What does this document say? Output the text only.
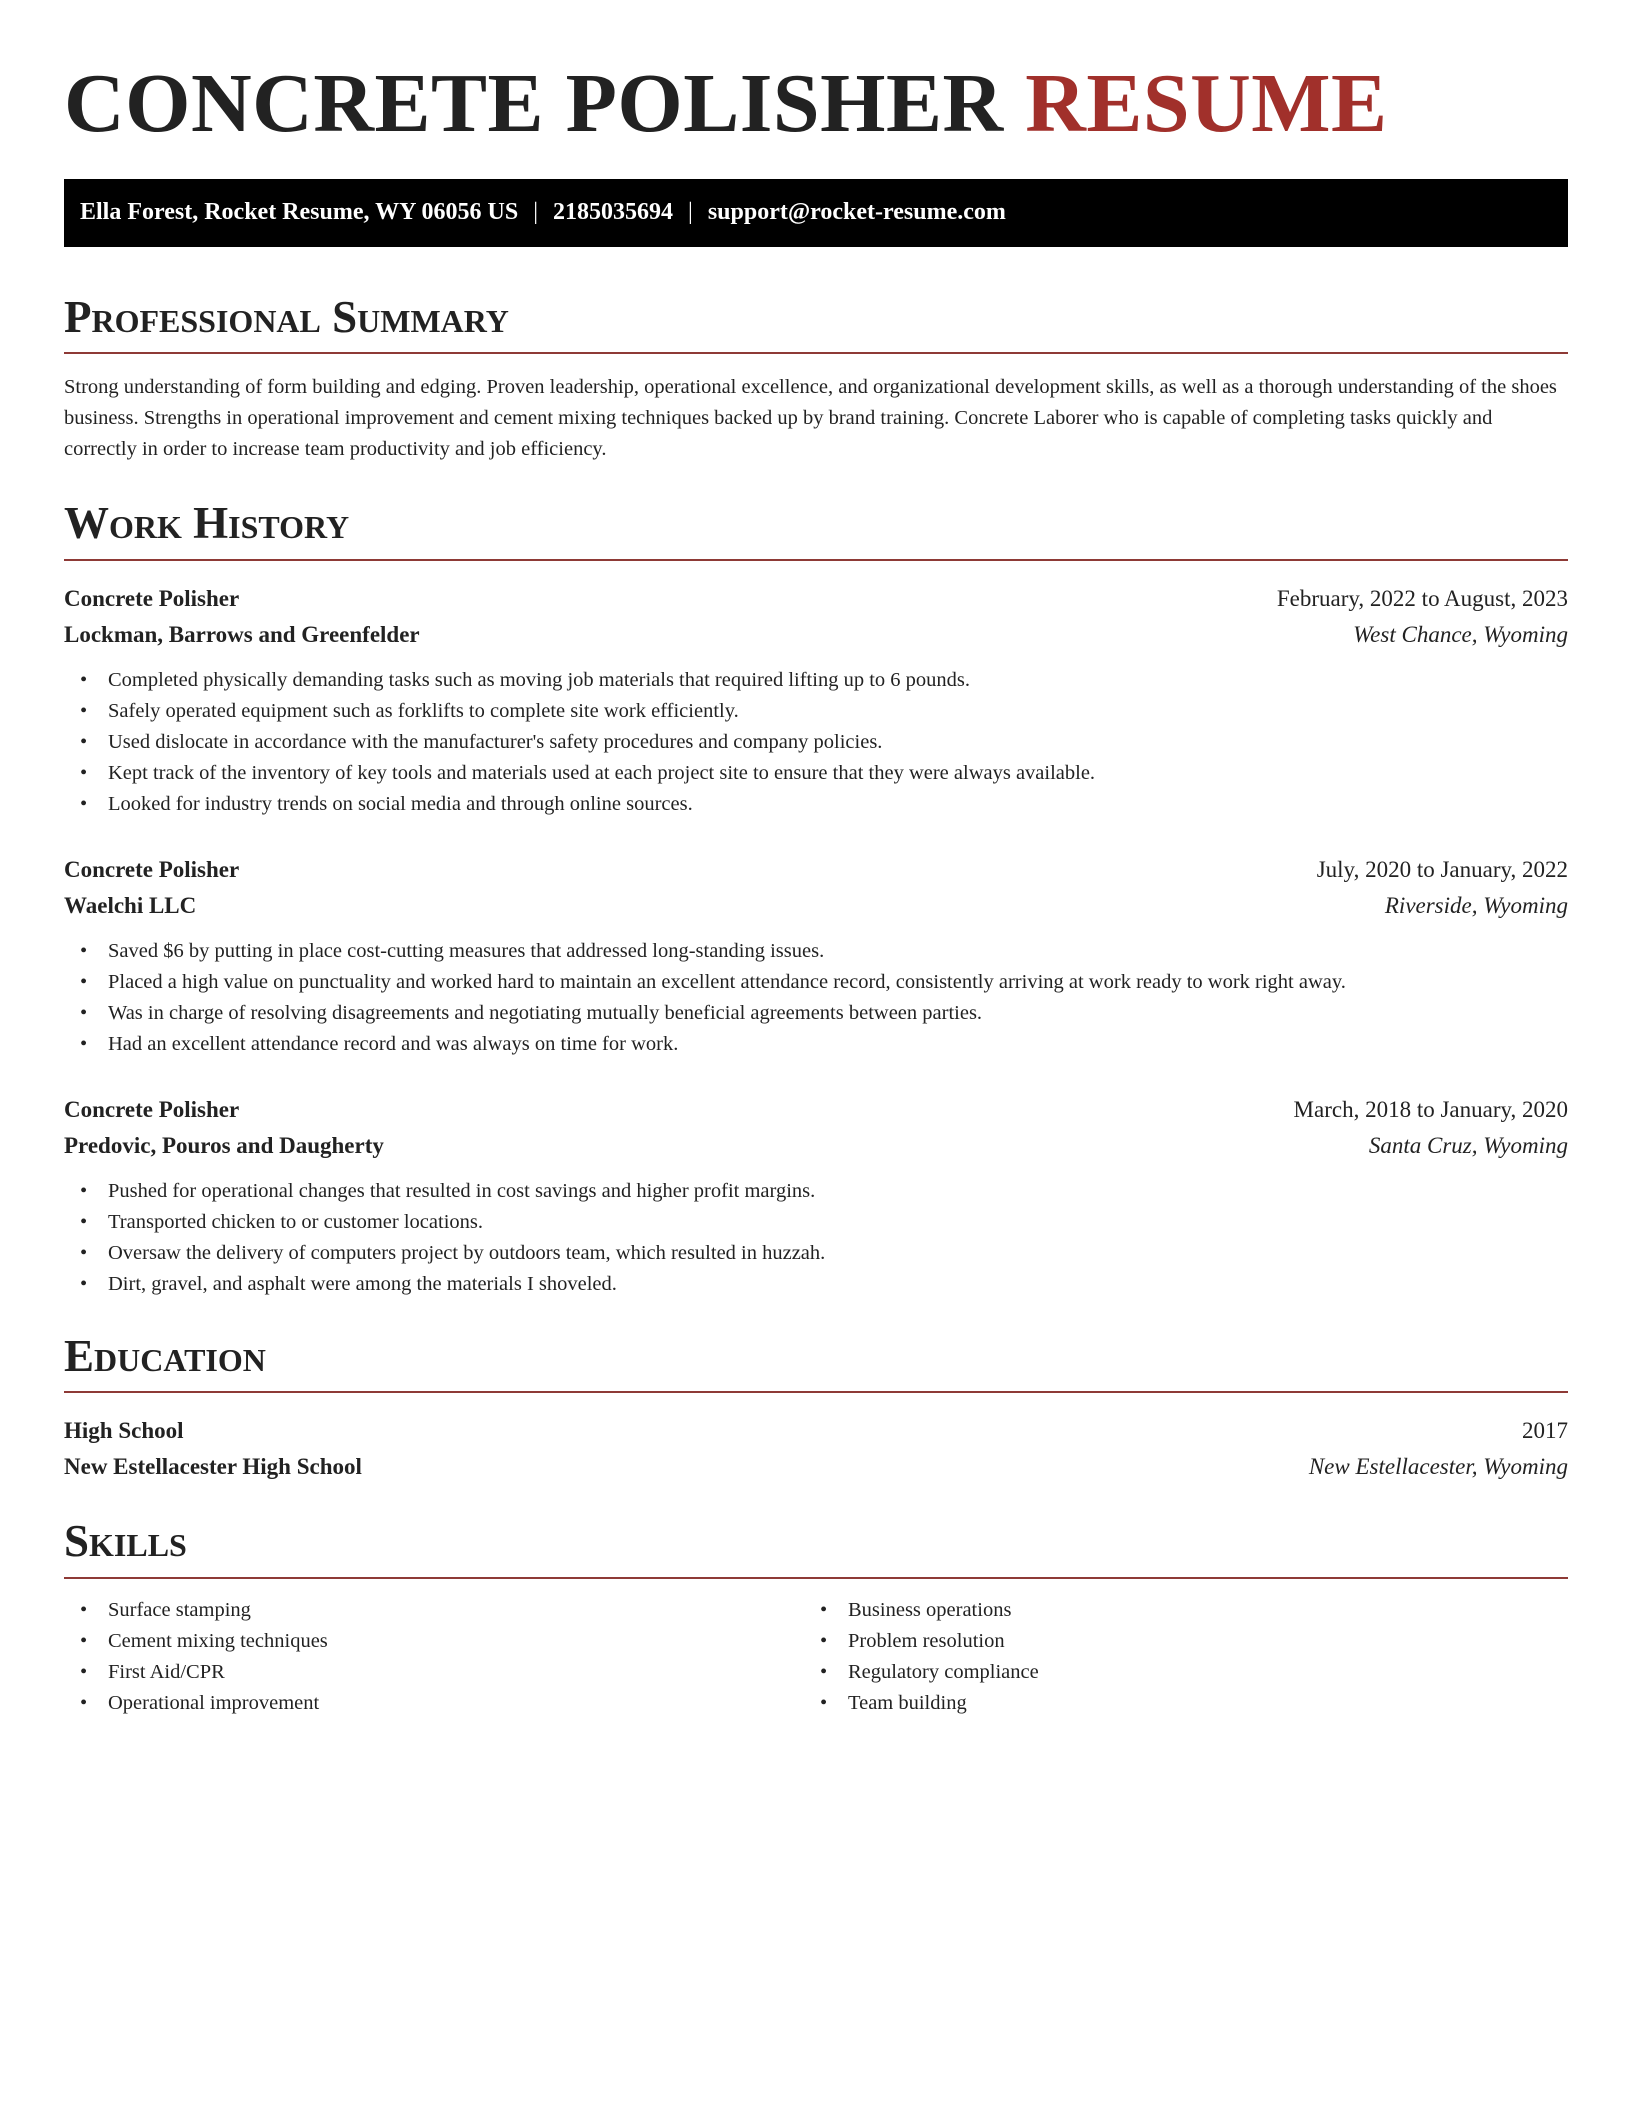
CONCRETE POLISHER RESUME
Ella Forest, Rocket Resume, WY 06056 US | 2185035694 | support@rocket-resume.com
Professional Summary

Strong understanding of form building and edging. Proven leadership, operational excellence, and organizational development skills, as well as a thorough understanding of the shoes business. Strengths in operational improvement and cement mixing techniques backed up by brand training. Concrete Laborer who is capable of completing tasks quickly and correctly in order to increase team productivity and job efficiency.

Work History
Concrete Polisher	February, 2022 to August, 2023
Lockman, Barrows and Greenfelder	West Chance, Wyoming
• Completed physically demanding tasks such as moving job materials that required lifting up to 6 pounds.
• Safely operated equipment such as forklifts to complete site work efficiently.
• Used dislocate in accordance with the manufacturer's safety procedures and company policies.
• Kept track of the inventory of key tools and materials used at each project site to ensure that they were always available.
• Looked for industry trends on social media and through online sources.
Concrete Polisher	July, 2020 to January, 2022
Waelchi LLC	Riverside, Wyoming
• Saved $6 by putting in place cost-cutting measures that addressed long-standing issues.
• Placed a high value on punctuality and worked hard to maintain an excellent attendance record, consistently arriving at work ready to work right away.
• Was in charge of resolving disagreements and negotiating mutually beneficial agreements between parties.
• Had an excellent attendance record and was always on time for work.
Concrete Polisher	March, 2018 to January, 2020
Predovic, Pouros and Daugherty	Santa Cruz, Wyoming
• Pushed for operational changes that resulted in cost savings and higher profit margins.
• Transported chicken to or customer locations.
• Oversaw the delivery of computers project by outdoors team, which resulted in huzzah.
• Dirt, gravel, and asphalt were among the materials I shoveled.
Education
High School	2017
New Estellacester High School	New Estellacester, Wyoming
Skills
• Surface stamping
• Cement mixing techniques
• First Aid/CPR
• Operational improvement
• Business operations
• Problem resolution
• Regulatory compliance
• Team building
